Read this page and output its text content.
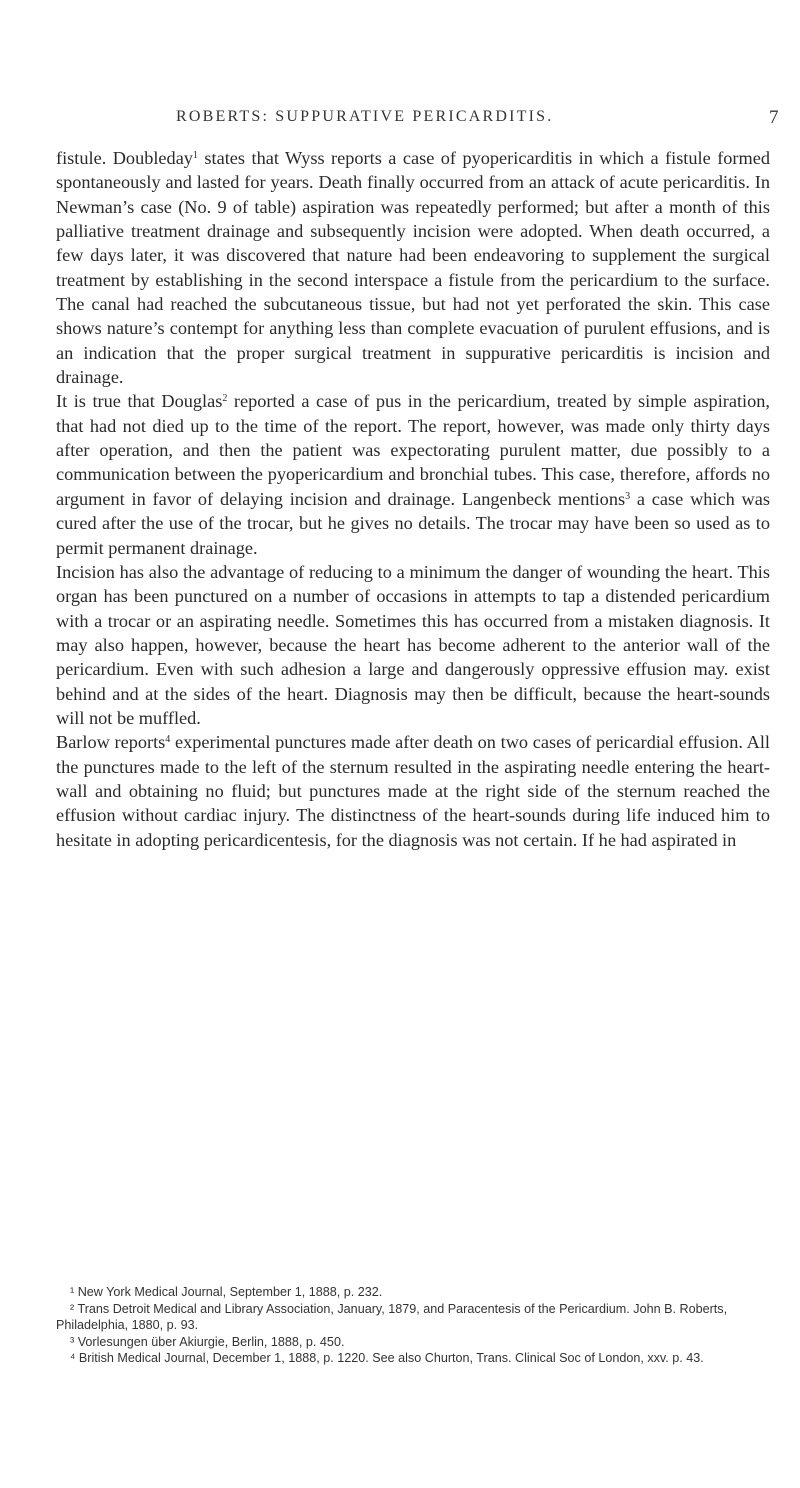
ROBERTS: SUPPURATIVE PERICARDITIS.	7

fistule. Doubleday$^1$ states that Wyss reports a case of pyopericarditis in which a fistule formed spontaneously and lasted for years. Death finally occurred from an attack of acute pericarditis. In Newman’s case (No. 9 of table) aspiration was repeatedly performed; but after a month of this palliative treatment drainage and subsequently incision were adopted. When death occurred, a few days later, it was discovered that nature had been endeavoring to supplement the surgical treatment by establishing in the second interspace a fistule from the pericardium to the surface. The canal had reached the subcutaneous tissue, but had not yet perforated the skin. This case shows nature’s contempt for anything less than complete evacuation of purulent effusions, and is an indication that the proper surgical treatment in suppurative pericarditis is incision and drainage.

It is true that Douglas$^2$ reported a case of pus in the pericardium, treated by simple aspiration, that had not died up to the time of the report. The report, however, was made only thirty days after operation, and then the patient was expectorating purulent matter, due possibly to a communication between the pyopericardium and bronchial tubes. This case, therefore, affords no argument in favor of delaying incision and drainage. Langenbeck mentions$^3$ a case which was cured after the use of the trocar, but he gives no details. The trocar may have been so used as to permit permanent drainage.

Incision has also the advantage of reducing to a minimum the danger of wounding the heart. This organ has been punctured on a number of occasions in attempts to tap a distended pericardium with a trocar or an aspirating needle. Sometimes this has occurred from a mistaken diagnosis. It may also happen, however, because the heart has become adherent to the anterior wall of the pericardium. Even with such adhesion a large and dangerously oppressive effusion may. exist behind and at the sides of the heart. Diagnosis may then be difficult, because the heart-sounds will not be muffled.

Barlow reports$^4$ experimental punctures made after death on two cases of pericardial effusion. All the punctures made to the left of the sternum resulted in the aspirating needle entering the heart-wall and obtaining no fluid; but punctures made at the right side of the sternum reached the effusion without cardiac injury. The distinctness of the heart-sounds during life induced him to hesitate in adopting pericardicentesis, for the diagnosis was not certain. If he had aspirated in

¹ New York Medical Journal, September 1, 1888, p. 232.

² Trans Detroit Medical and Library Association, January, 1879, and Paracentesis of the Pericardium. John B. Roberts, Philadelphia, 1880, p. 93.

³ Vorlesungen über Akiurgie, Berlin, 1888, p. 450.

⁴ British Medical Journal, December 1, 1888, p. 1220. See also Churton, Trans. Clinical Soc of London, xxv. p. 43.
